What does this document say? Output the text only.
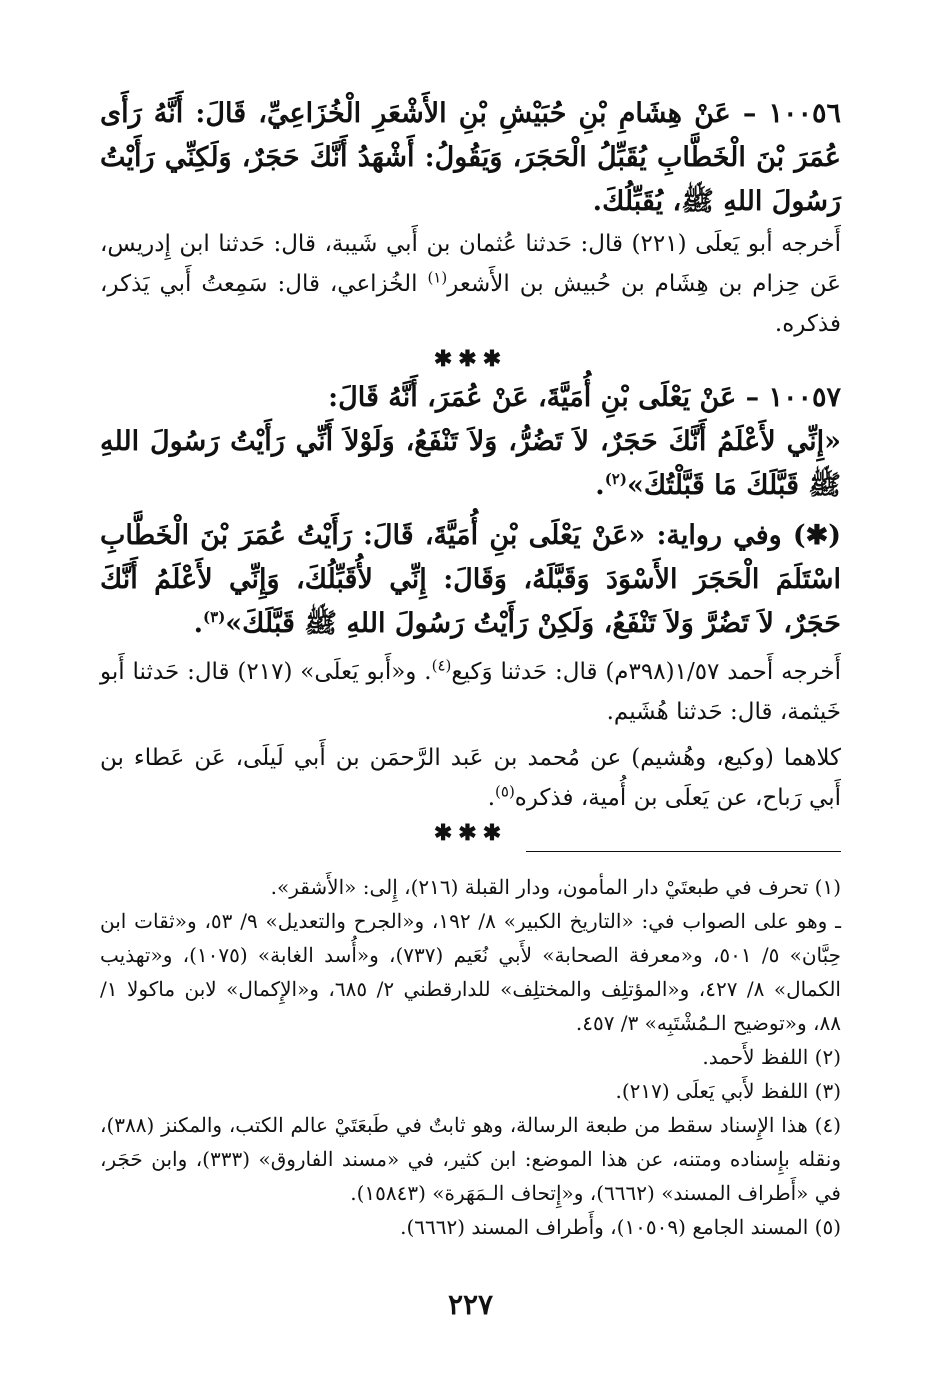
١٠٠٥٦ – عَنْ هِشَامِ بْنِ حُبَيْشِ بْنِ الأَشْعَرِ الْخُزَاعِيِّ، قَالَ: أَنَّهُ رَأَى عُمَرَ بْنَ الْخَطَّابِ يُقَبِّلُ الْحَجَرَ، وَيَقُولُ: أَشْهَدُ أَنَّكَ حَجَرٌ، وَلَكِنِّي رَأَيْتُ رَسُولَ اللهِ ﷺ، يُقَبِّلُكَ.

أَخرجه أبو يَعلَى (٢٢١) قال: حَدثنا عُثمان بن أَبي شَيبة، قال: حَدثنا ابن إِدريس، عَن حِزام بن هِشَام بن حُبيش بن الأَشعر$^{(١)}$ الخُزاعي، قال: سَمِعتُ أَبي يَذكر، فذكره.

✱✱✱

١٠٠٥٧ – عَنْ يَعْلَى بْنِ أُمَيَّةَ، عَنْ عُمَرَ، أَنَّهُ قَالَ:

«إِنِّي لأَعْلَمُ أَنَّكَ حَجَرٌ، لاَ تَضُرُّ، وَلاَ تَنْفَعُ، وَلَوْلاَ أَنِّي رَأَيْتُ رَسُولَ اللهِ ﷺ قَبَّلَكَ مَا قَبَّلْتُكَ»$^{(٢)}$.

(✱) وفي رواية: «عَنْ يَعْلَى بْنِ أُمَيَّةَ، قَالَ: رَأَيْتُ عُمَرَ بْنَ الْخَطَّابِ اسْتَلَمَ الْحَجَرَ الأَسْوَدَ وَقَبَّلَهُ، وَقَالَ: إِنِّي لأُقَبِّلُكَ، وَإِنِّي لأَعْلَمُ أَنَّكَ حَجَرٌ، لاَ تَضُرَّ وَلاَ تَنْفَعُ، وَلَكِنْ رَأَيْتُ رَسُولَ اللهِ ﷺ قَبَّلَكَ»$^{(٣)}$.

أَخرجه أَحمد ١/٥٧(٣٩٨م) قال: حَدثنا وَكيع$^{(٤)}$. و«أَبو يَعلَى» (٢١٧) قال: حَدثنا أَبو خَيثمة، قال: حَدثنا هُشَيم.

كلاهما (وكيع، وهُشيم) عن مُحمد بن عَبد الرَّحمَن بن أَبي لَيلَى، عَن عَطاء بن أَبي رَباح، عن يَعلَى بن أُمية، فذكره$^{(٥)}$.

✱✱✱

(١) تحرف في طبعتَيْ دار المأمون، ودار القبلة (٢١٦)، إِلى: «الأَشقر».

ـ وهو على الصواب في: «التاريخ الكبير» ٨/ ١٩٢، و«الجرح والتعديل» ٩/ ٥٣، و«ثقات ابن حِبَّان» ٥/ ٥٠١، و«معرفة الصحابة» لأَبي نُعَيم (٧٣٧)، و«أُسد الغابة» (١٠٧٥)، و«تهذيب الكمال» ٨/ ٤٢٧، و«المؤتلِف والمختلِف» للدارقطني ٢/ ٦٨٥، و«الإِكمال» لابن ماكولا ١/ ٨٨، و«توضيح الـمُشْتَبِه» ٣/ ٤٥٧.

(٢) اللفظ لأَحمد.

(٣) اللفظ لأَبي يَعلَى (٢١٧).

(٤) هذا الإِسناد سقط من طبعة الرسالة، وهو ثابتٌ في طَبعَتَيْ عالم الكتب، والمكنز (٣٨٨)، ونقله بإِسناده ومتنه، عن هذا الموضع: ابن كثير، في «مسند الفاروق» (٣٣٣)، وابن حَجَر، في «أَطراف المسند» (٦٦٦٢)، و«إِتحاف الـمَهَرة» (١٥٨٤٣).

(٥) المسند الجامع (١٠٥٠٩)، وأَطراف المسند (٦٦٦٢).

٢٢٧
